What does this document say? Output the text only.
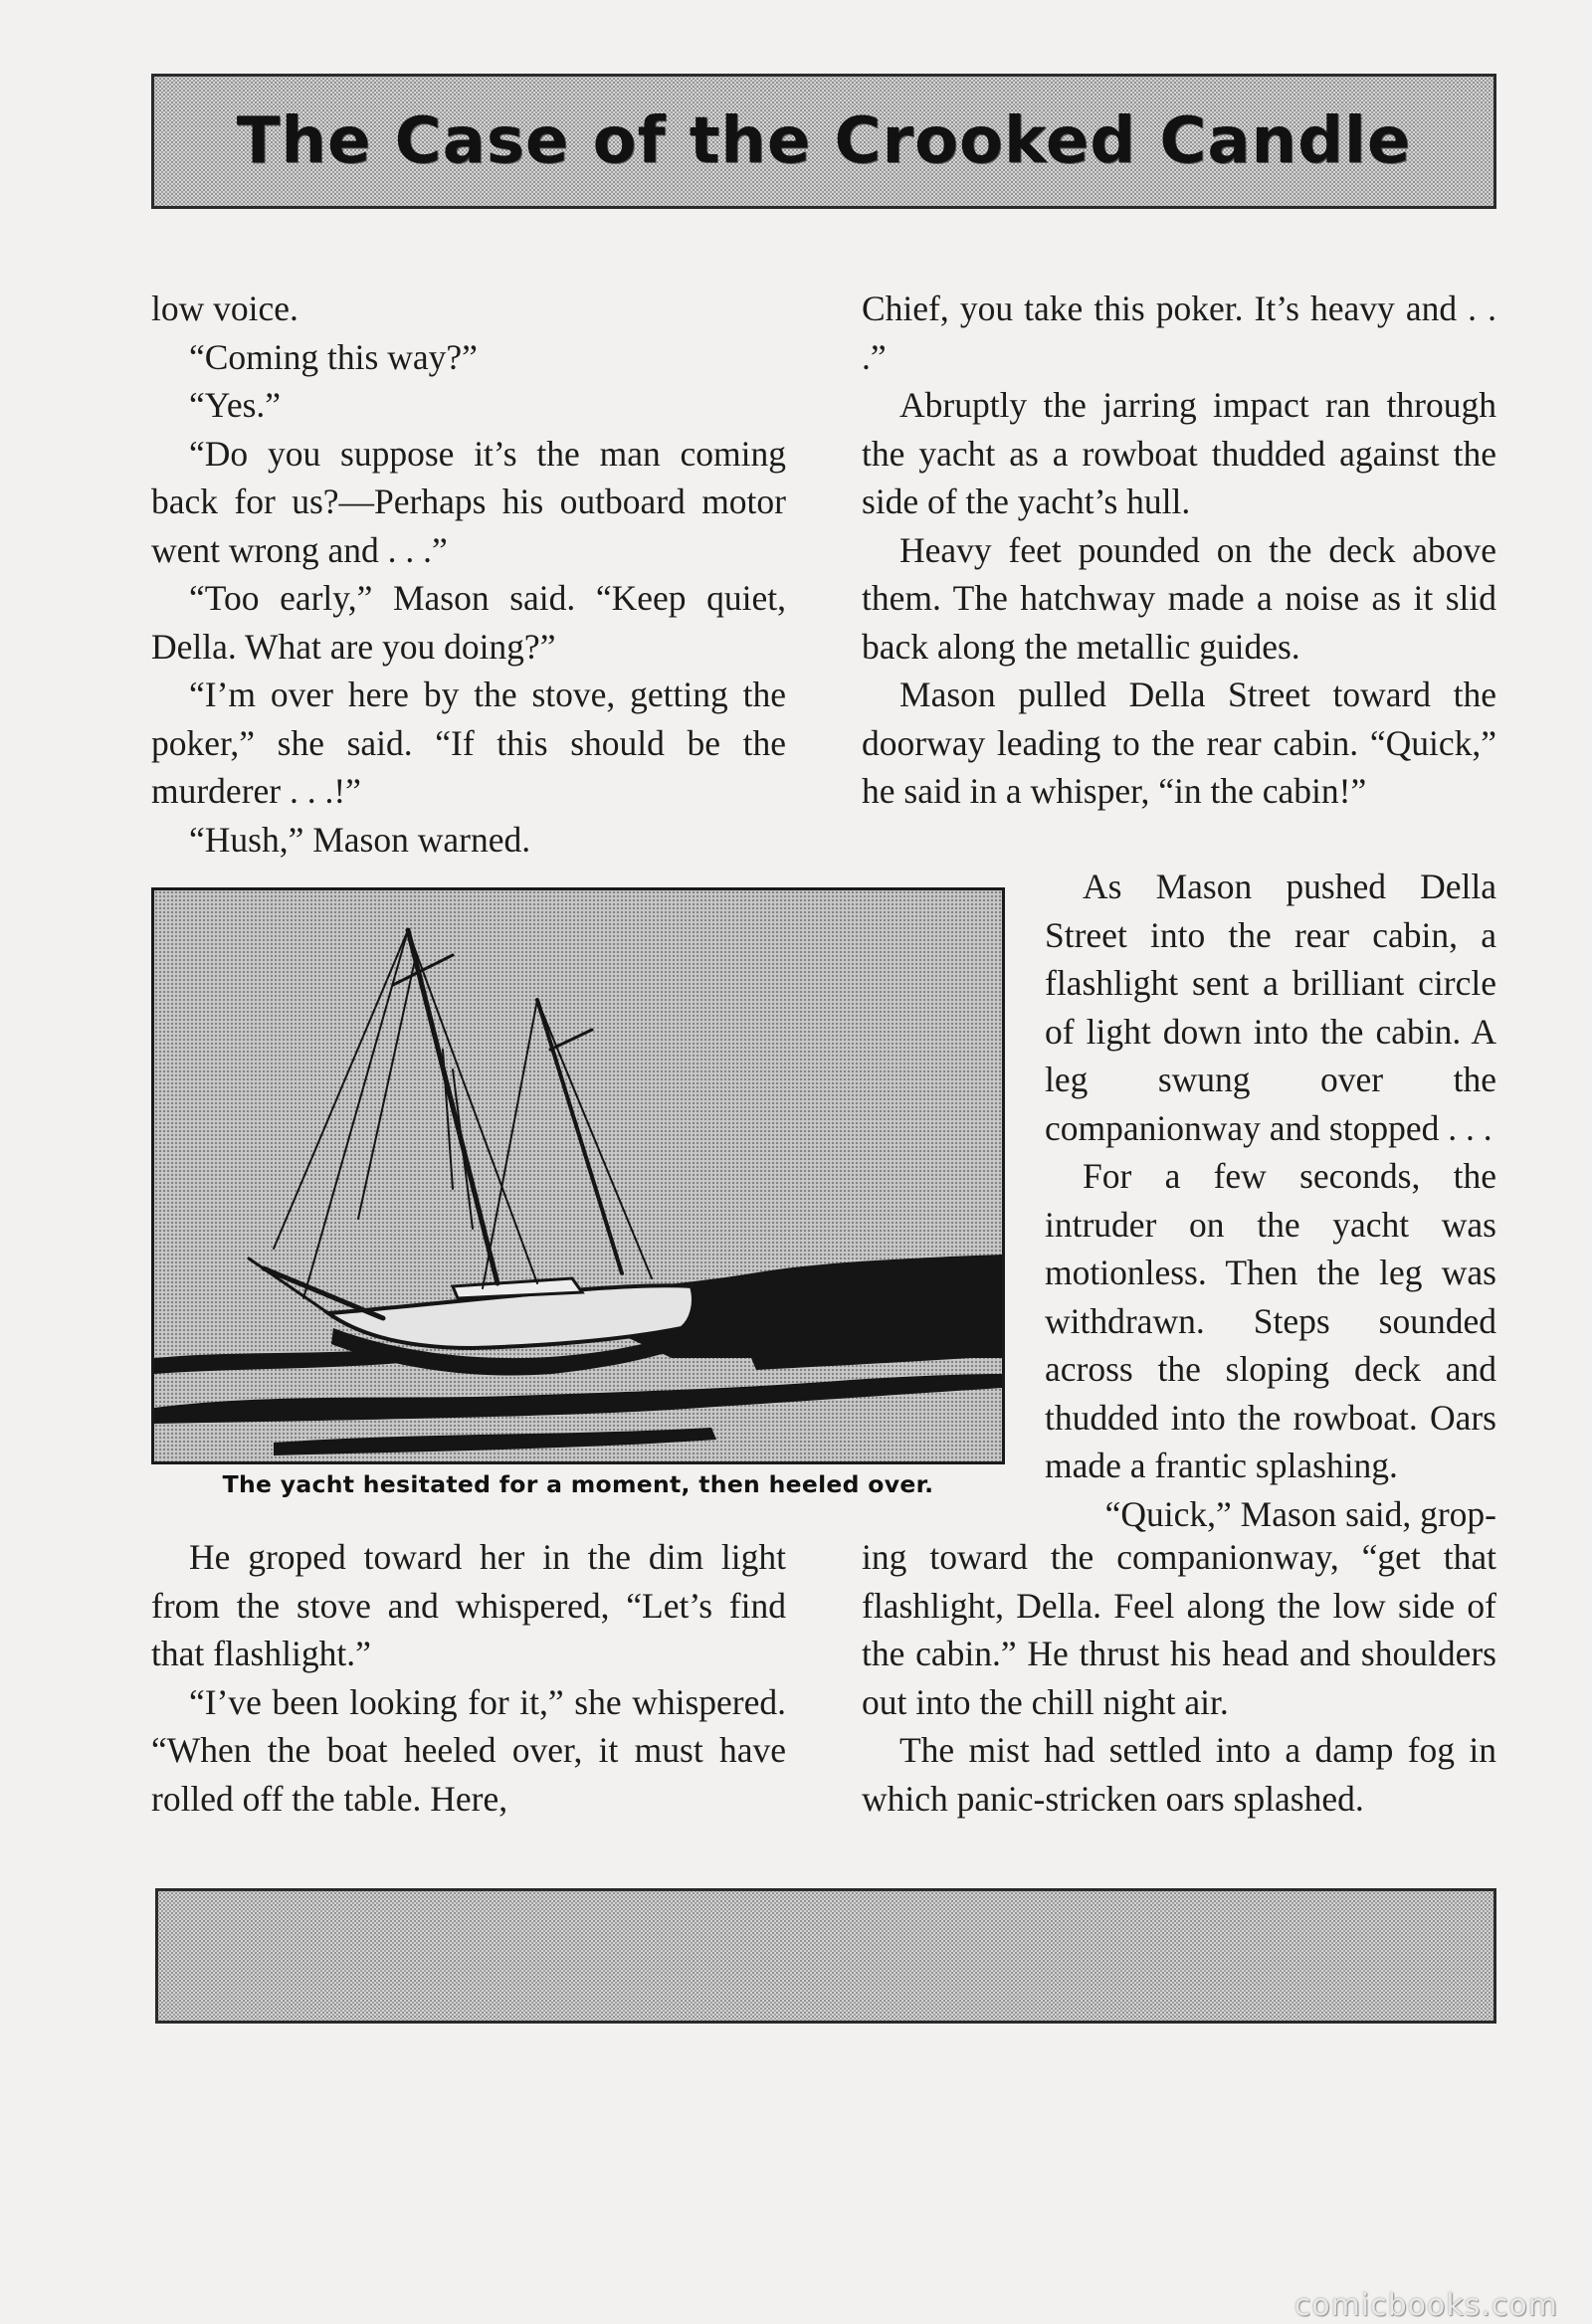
The Case of the Crooked Candle

low voice.

“Coming this way?”

“Yes.”

“Do you suppose it’s the man coming back for us?—Perhaps his outboard motor went wrong and . . .”

“Too early,” Mason said. “Keep quiet, Della. What are you doing?”

“I’m over here by the stove, getting the poker,” she said. “If this should be the murderer . . .!”

“Hush,” Mason warned.

Chief, you take this poker. It’s heavy and . . .”

Abruptly the jarring impact ran through the yacht as a rowboat thudded against the side of the yacht’s hull.

Heavy feet pounded on the deck above them. The hatchway made a noise as it slid back along the metallic guides.

Mason pulled Della Street toward the doorway leading to the rear cabin. “Quick,” he said in a whisper, “in the cabin!”

The yacht hesitated for a moment, then heeled over.

As Mason pushed Della Street into the rear cabin, a flashlight sent a brilliant circle of light down into the cabin. A leg swung over the companionway and stopped . . .

For a few seconds, the intruder on the yacht was motionless. Then the leg was withdrawn. Steps sounded across the sloping deck and thudded into the rowboat. Oars made a frantic splashing.

“Quick,” Mason said, grop-

He groped toward her in the dim light from the stove and whispered, “Let’s find that flashlight.”

“I’ve been looking for it,” she whispered. “When the boat heeled over, it must have rolled off the table. Here,

ing toward the companionway, “get that flashlight, Della. Feel along the low side of the cabin.” He thrust his head and shoulders out into the chill night air.

The mist had settled into a damp fog in which panic-stricken oars splashed.

comicbooks.com
